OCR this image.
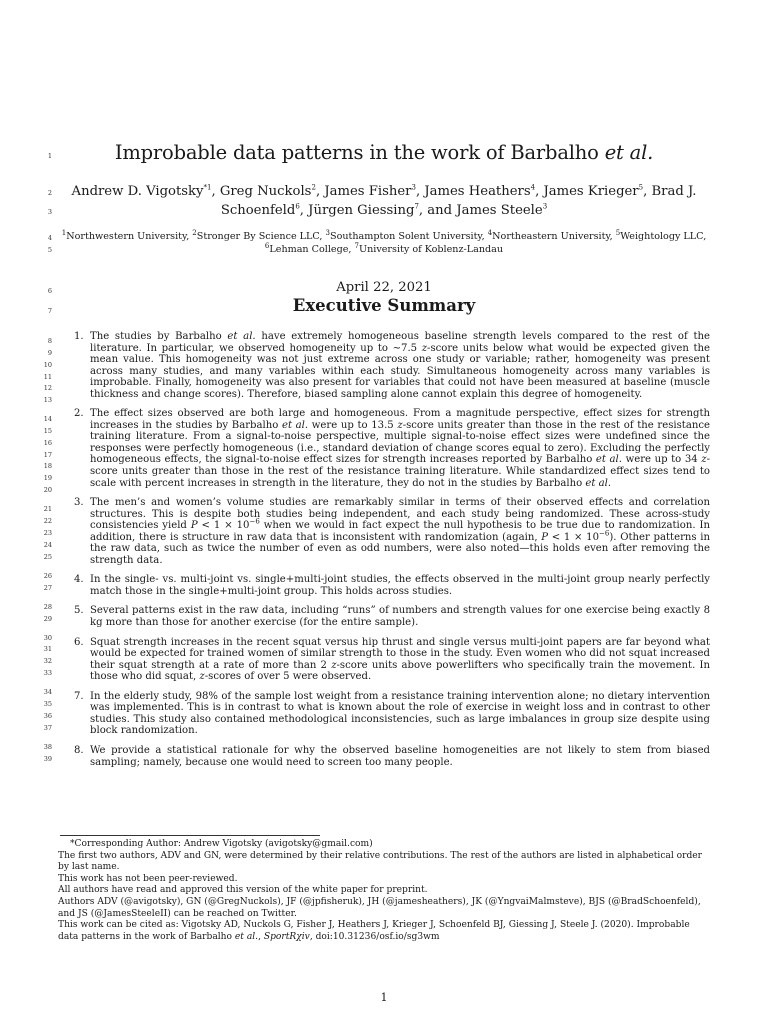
1
2
3
4
5
6
7
8
9
10
11
12
13
14
15
16
17
18
19
20
21
22
23
24
25
26
27
28
29
30
31
32
33
34
35
36
37
38
39
Improbable data patterns in the work of Barbalho et al.
Andrew D. Vigotsky$^{*1}$, Greg Nuckols$^2$, James Fisher$^3$, James Heathers$^4$, James Krieger$^5$, Brad J. Schoenfeld$^6$, Jürgen Giessing$^7$, and James Steele$^3$
$^1$Northwestern University, $^2$Stronger By Science LLC, $^3$Southampton Solent University, $^4$Northeastern University, $^5$Weightology LLC,
$^6$Lehman College, $^7$University of Koblenz-Landau
April 22, 2021
Executive Summary
1. The studies by Barbalho et al. have extremely homogeneous baseline strength levels compared to the rest of the literature. In particular, we observed homogeneity up to ∼7.5 z-score units below what would be expected given the mean value. This homogeneity was not just extreme across one study or variable; rather, homogeneity was present across many studies, and many variables within each study. Simultaneous homogeneity across many variables is improbable. Finally, homogeneity was also present for variables that could not have been measured at baseline (muscle thickness and change scores). Therefore, biased sampling alone cannot explain this degree of homogeneity.
2. The effect sizes observed are both large and homogeneous. From a magnitude perspective, effect sizes for strength increases in the studies by Barbalho et al. were up to 13.5 z-score units greater than those in the rest of the resistance training literature. From a signal-to-noise perspective, multiple signal-to-noise effect sizes were undefined since the responses were perfectly homogeneous (i.e., standard deviation of change scores equal to zero). Excluding the perfectly homogeneous effects, the signal-to-noise effect sizes for strength increases reported by Barbalho et al. were up to 34 z-score units greater than those in the rest of the resistance training literature. While standardized effect sizes tend to scale with percent increases in strength in the literature, they do not in the studies by Barbalho et al.
3. The men’s and women’s volume studies are remarkably similar in terms of their observed effects and correlation structures. This is despite both studies being independent, and each study being randomized. These across-study consistencies yield $P < 1 \times 10^{-6}$ when we would in fact expect the null hypothesis to be true due to randomization. In addition, there is structure in raw data that is inconsistent with randomization (again, $P < 1 \times 10^{-6}$). Other patterns in the raw data, such as twice the number of even as odd numbers, were also noted—this holds even after removing the strength data.
4. In the single- vs. multi-joint vs. single+multi-joint studies, the effects observed in the multi-joint group nearly perfectly match those in the single+multi-joint group. This holds across studies.
5. Several patterns exist in the raw data, including “runs” of numbers and strength values for one exercise being exactly 8 kg more than those for another exercise (for the entire sample).
6. Squat strength increases in the recent squat versus hip thrust and single versus multi-joint papers are far beyond what would be expected for trained women of similar strength to those in the study. Even women who did not squat increased their squat strength at a rate of more than 2 z-score units above powerlifters who specifically train the movement. In those who did squat, z-scores of over 5 were observed.
7. In the elderly study, 98% of the sample lost weight from a resistance training intervention alone; no dietary intervention was implemented. This is in contrast to what is known about the role of exercise in weight loss and in contrast to other studies. This study also contained methodological inconsistencies, such as large imbalances in group size despite using block randomization.
8. We provide a statistical rationale for why the observed baseline homogeneities are not likely to stem from biased sampling; namely, because one would need to screen too many people.
*Corresponding Author: Andrew Vigotsky (avigotsky@gmail.com)
The first two authors, ADV and GN, were determined by their relative contributions. The rest of the authors are listed in alphabetical order by last name.
This work has not been peer-reviewed.
All authors have read and approved this version of the white paper for preprint.
Authors ADV (@avigotsky), GN (@GregNuckols), JF (@jpfisheruk), JH (@jamesheathers), JK (@YngvaiMalmsteve), BJS (@BradSchoenfeld), and JS (@JamesSteeleII) can be reached on Twitter.
This work can be cited as: Vigotsky AD, Nuckols G, Fisher J, Heathers J, Krieger J, Schoenfeld BJ, Giessing J, Steele J. (2020). Improbable data patterns in the work of Barbalho et al., SportRχiv, doi:10.31236/osf.io/sg3wm
1
